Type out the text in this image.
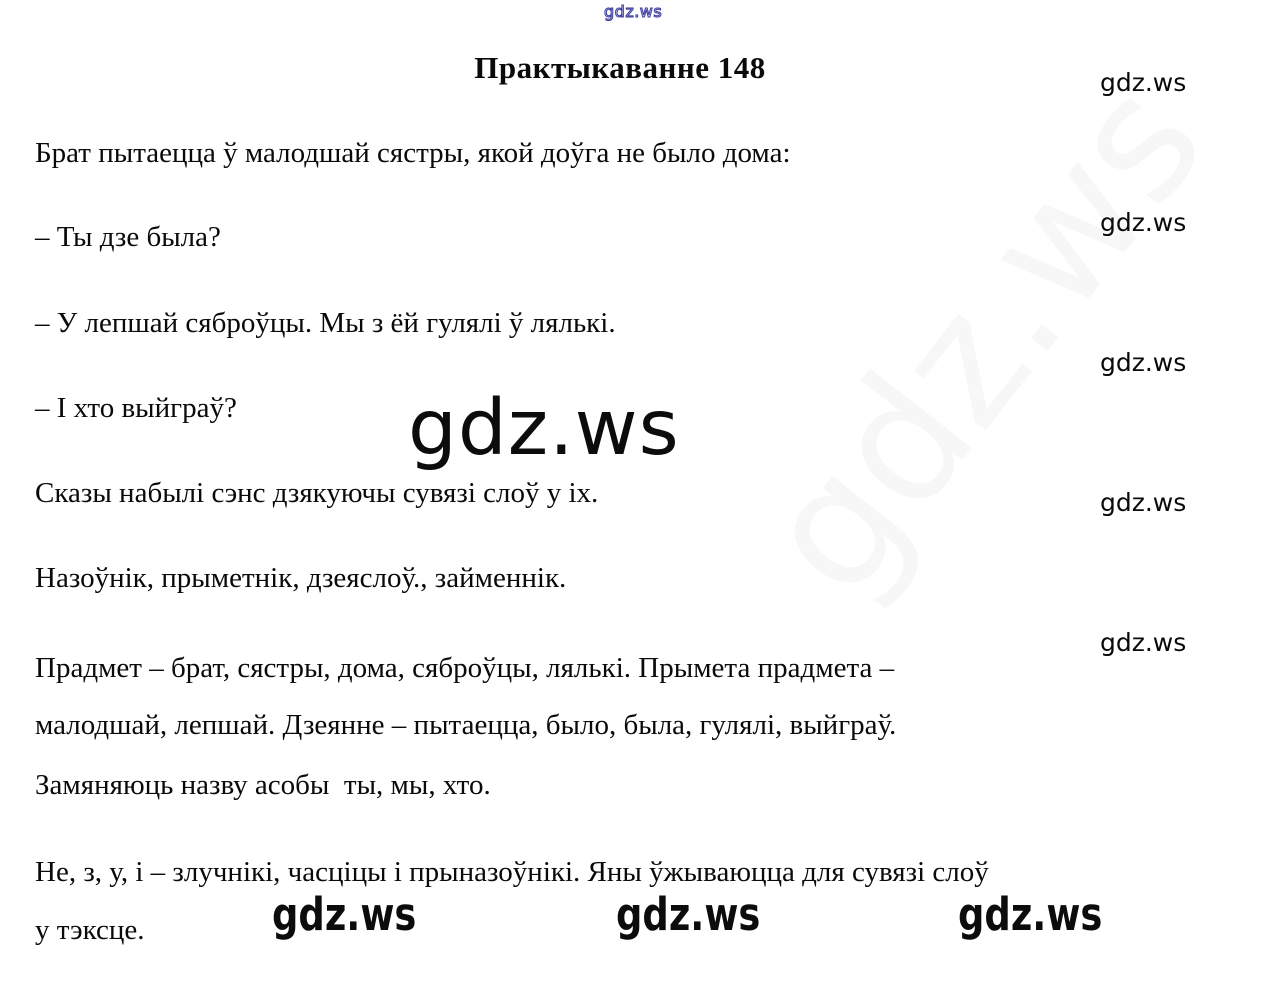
gdz.ws
Практыкаванне 148	gdz.ws
gdz.ws
gdz.ws
gdz.ws
gdz.ws
gdz.ws
Брат пытаецца ў малодшай сястры, якой доўга не было дома:
– Ты дзе была?
– У лепшай сяброўцы. Мы з ёй гулялі ў лялькі.
– І хто выйграў?
Сказы набылі сэнс дзякуючы сувязі слоў у іх.
Назоўнік, прыметнік, дзеяслоў., займеннік.
Прадмет – брат, сястры, дома, сяброўцы, лялькі. Прымета прадмета –
малодшай, лепшай. Дзеянне – пытаецца, было, была, гулялі, выйграў.
Замяняюць назву асобы  ты, мы, хто.
Не, з, у, і – злучнікі, часціцы і прыназоўнікі. Яны ўжываюцца для сувязі слоў
у тэксце.	gdz.ws	gdz.ws	gdz.ws
